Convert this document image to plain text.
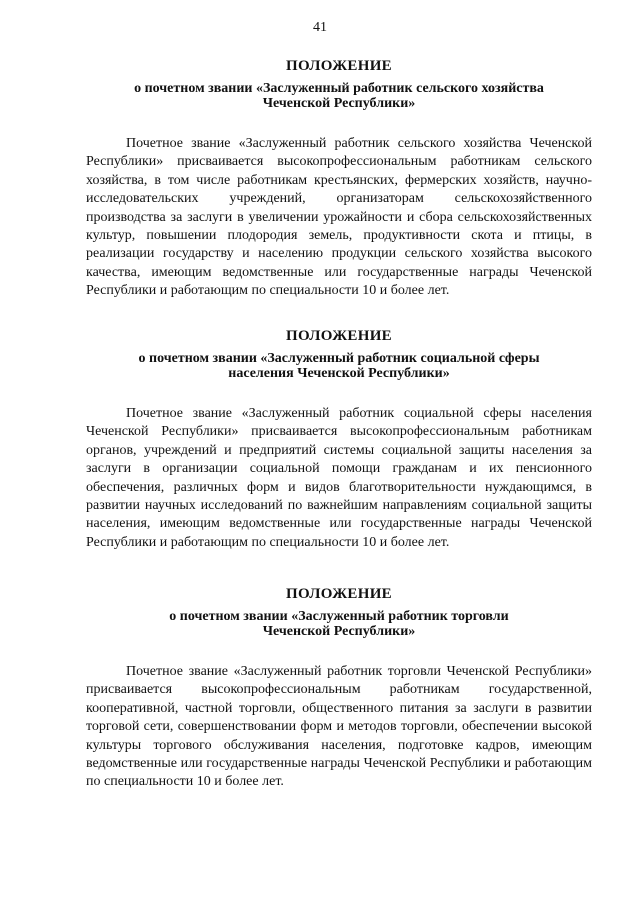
41
ПОЛОЖЕНИЕ
о почетном звании «Заслуженный работник сельского хозяйства
Чеченской Республики»

Почетное звание «Заслуженный работник сельского хозяйства Чеченской Республики» присваивается высокопрофессиональным работникам сельского хозяйства, в том числе работникам крестьянских, фермерских хозяйств, научно-исследовательских учреждений, организаторам сельскохозяйственного производства за заслуги в увеличении урожайности и сбора сельскохозяйственных культур, повышении плодородия земель, продуктивности скота и птицы, в реализации государству и населению продукции сельского хозяйства высокого качества, имеющим ведомственные или государственные награды Чеченской Республики и работающим по специальности 10 и более лет.

ПОЛОЖЕНИЕ
о почетном звании «Заслуженный работник социальной сферы
населения Чеченской Республики»

Почетное звание «Заслуженный работник социальной сферы населения Чеченской Республики» присваивается высокопрофессиональным работникам органов, учреждений и предприятий системы социальной защиты населения за заслуги в организации социальной помощи гражданам и их пенсионного обеспечения, различных форм и видов благотворительности нуждающимся, в развитии научных исследований по важнейшим направлениям социальной защиты населения, имеющим ведомственные или государственные награды Чеченской Республики и работающим по специальности 10 и более лет.

ПОЛОЖЕНИЕ
о почетном звании «Заслуженный работник торговли
Чеченской Республики»

Почетное звание «Заслуженный работник торговли Чеченской Республики» присваивается высокопрофессиональным работникам государственной, кооперативной, частной торговли, общественного питания за заслуги в развитии торговой сети, совершенствовании форм и методов торговли, обеспечении высокой культуры торгового обслуживания населения, подготовке кадров, имеющим ведомственные или государственные награды Чеченской Республики и работающим по специальности 10 и более лет.
